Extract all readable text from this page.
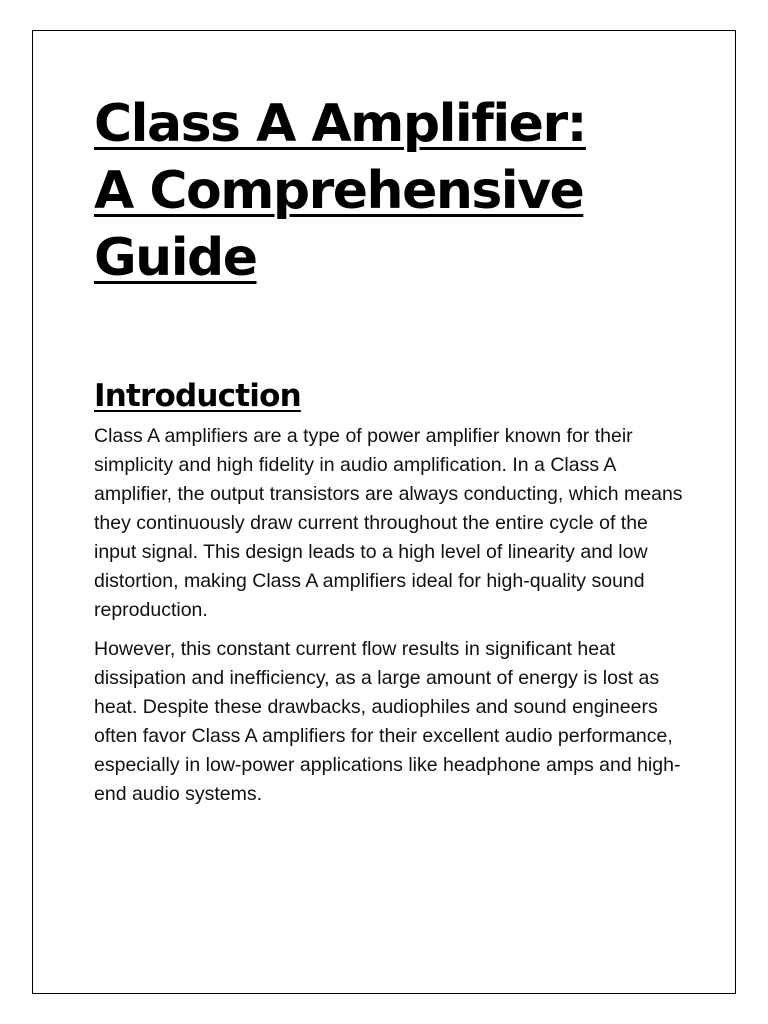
Class A Amplifier:
A Comprehensive
Guide
Introduction

Class A amplifiers are a type of power amplifier known for their simplicity and high fidelity in audio amplification. In a Class A amplifier, the output transistors are always conducting, which means they continuously draw current throughout the entire cycle of the input signal. This design leads to a high level of linearity and low distortion, making Class A amplifiers ideal for high-quality sound reproduction.

However, this constant current flow results in significant heat dissipation and inefficiency, as a large amount of energy is lost as heat. Despite these drawbacks, audiophiles and sound engineers often favor Class A amplifiers for their excellent audio performance, especially in low-power applications like headphone amps and high-end audio systems.
